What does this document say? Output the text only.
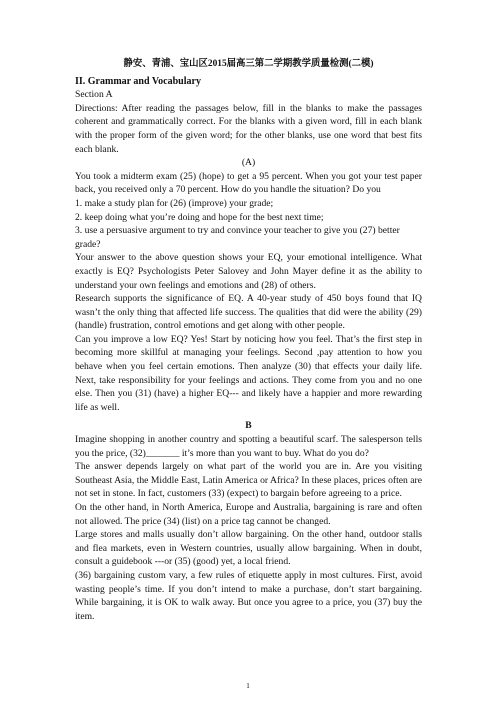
静安、青浦、宝山区2015届高三第二学期教学质量检测(二模)

II. Grammar and Vocabulary

Section A

Directions: After reading the passages below, fill in the blanks to make the passages coherent and grammatically correct. For the blanks with a given word, fill in each blank with the proper form of the given word; for the other blanks, use one word that best fits each blank.

(A)

You took a midterm exam (25) (hope) to get a 95 percent. When you got your test paper back, you received only a 70 percent. How do you handle the situation? Do you

1. make a study plan for (26) (improve) your grade;

2. keep doing what you’re doing and hope for the best next time;

3. use a persuasive argument to try and convince your teacher to give you (27) better grade?

Your answer to the above question shows your EQ, your emotional intelligence. What exactly is EQ? Psychologists Peter Salovey and John Mayer define it as the ability to understand your own feelings and emotions and (28) of others.

Research supports the significance of EQ. A 40-year study of 450 boys found that IQ wasn’t the only thing that affected life success. The qualities that did were the ability (29) (handle) frustration, control emotions and get along with other people.

Can you improve a low EQ? Yes! Start by noticing how you feel. That’s the first step in becoming more skillful at managing your feelings. Second ,pay attention to how you behave when you feel certain emotions. Then analyze (30) that effects your daily life. Next, take responsibility for your feelings and actions. They come from you and no one else. Then you (31) (have) a higher EQ--- and likely have a happier and more rewarding life as well.

B

Imagine shopping in another country and spotting a beautiful scarf. The salesperson tells you the price, (32)_______ it’s more than you want to buy. What do you do?

The answer depends largely on what part of the world you are in. Are you visiting Southeast Asia, the Middle East, Latin America or Africa? In these places, prices often are not set in stone. In fact, customers (33) (expect) to bargain before agreeing to a price.

On the other hand, in North America, Europe and Australia, bargaining is rare and often not allowed. The price (34) (list) on a price tag cannot be changed.

Large stores and malls usually don’t allow bargaining. On the other hand, outdoor stalls and flea markets, even in Western countries, usually allow bargaining. When in doubt, consult a guidebook ---or (35) (good) yet, a local friend.

(36) bargaining custom vary, a few rules of etiquette apply in most cultures. First, avoid wasting people’s time. If you don’t intend to make a purchase, don’t start bargaining. While bargaining, it is OK to walk away. But once you agree to a price, you (37) buy the item.

1
